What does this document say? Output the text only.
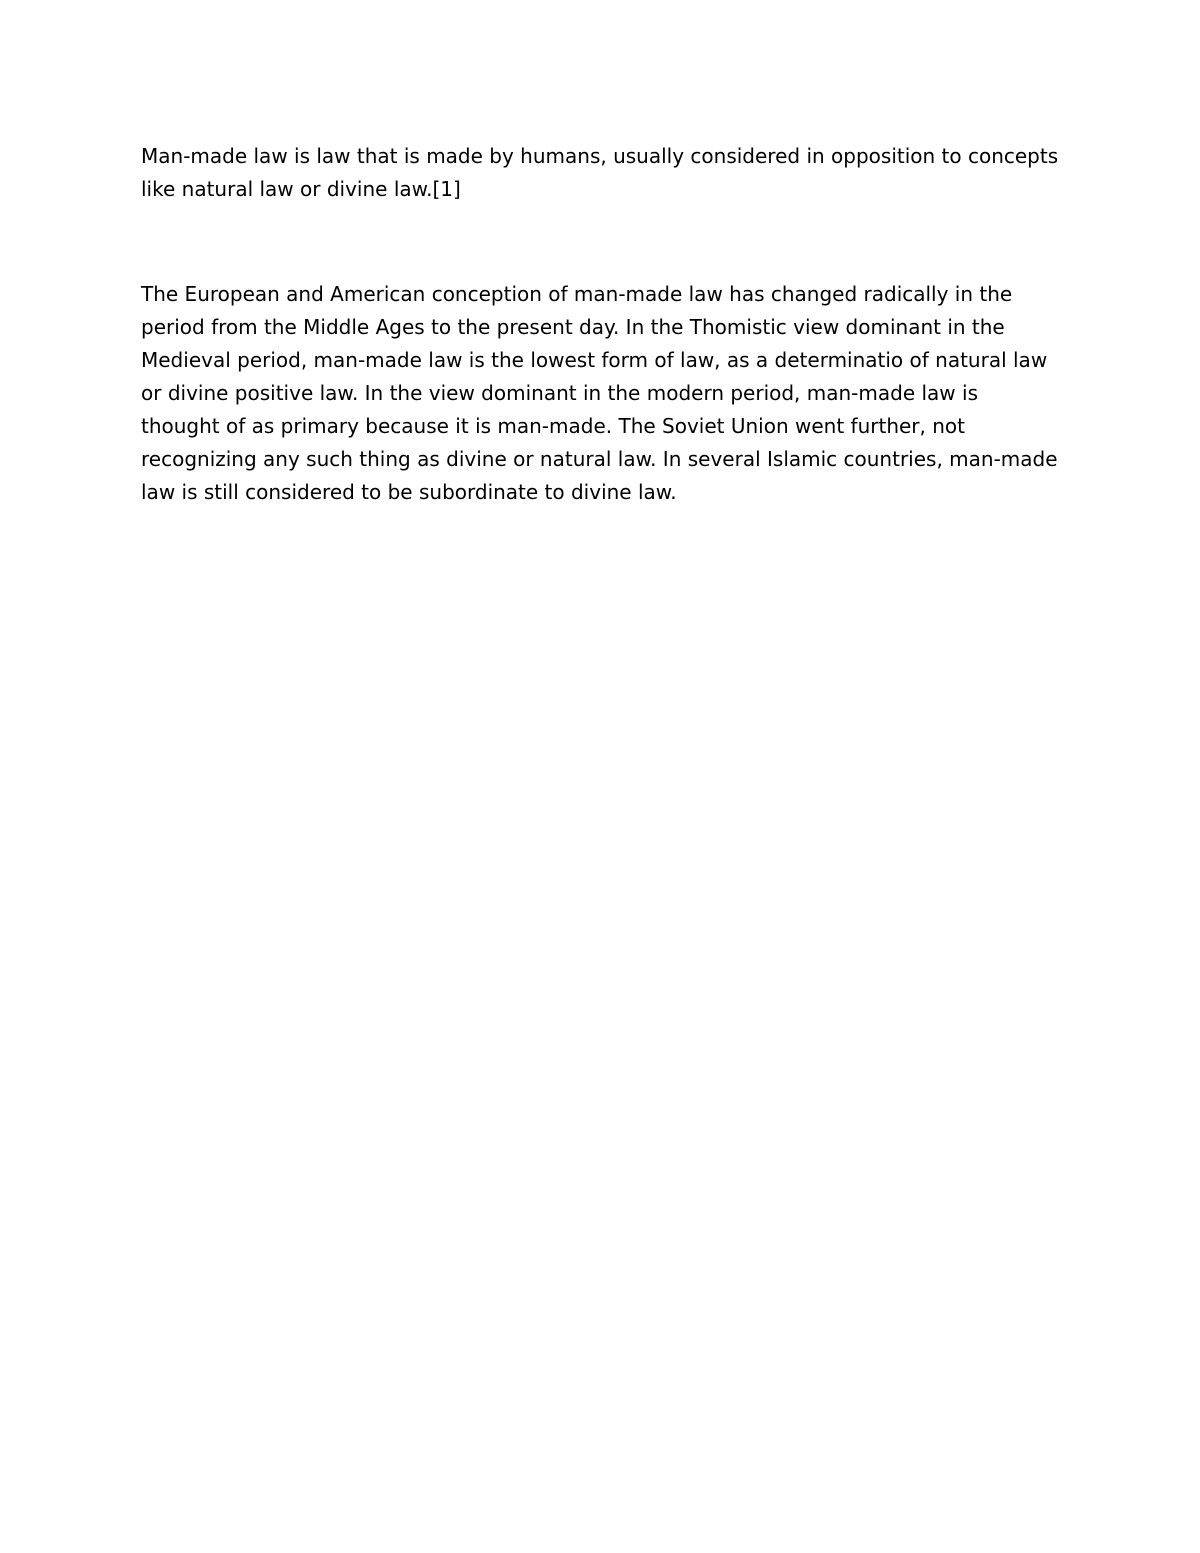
Man-made law is law that is made by humans, usually considered in opposition to concepts like natural law or divine law.[1]

The European and American conception of man-made law has changed radically in the period from the Middle Ages to the present day. In the Thomistic view dominant in the Medieval period, man-made law is the lowest form of law, as a determinatio of natural law or divine positive law. In the view dominant in the modern period, man-made law is thought of as primary because it is man-made. The Soviet Union went further, not recognizing any such thing as divine or natural law. In several Islamic countries, man-made law is still considered to be subordinate to divine law.
